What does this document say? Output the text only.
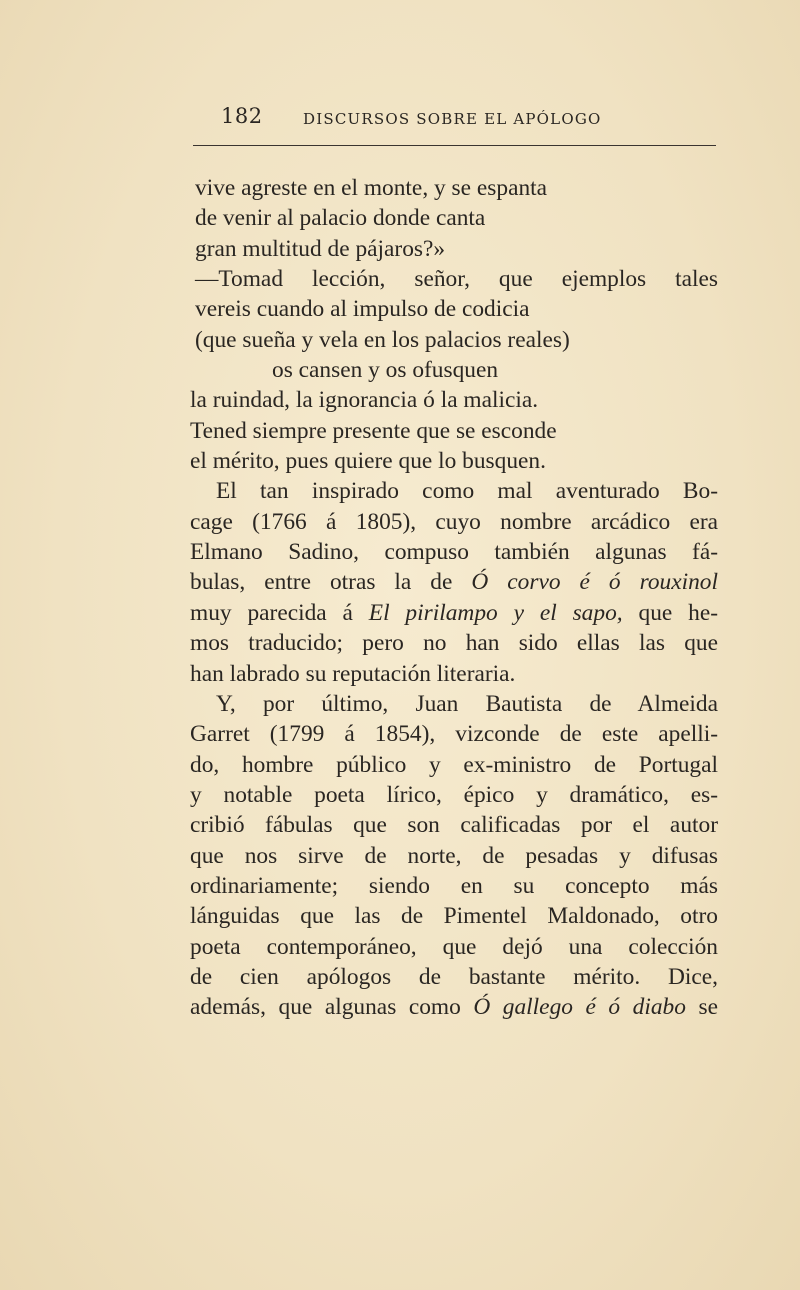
182	DISCURSOS SOBRE EL APÓLOGO
vive agreste en el monte, y se espanta
de venir al palacio donde canta
gran multitud de pájaros?»
—Tomad lección, señor, que ejemplos tales
vereis cuando al impulso de codicia
(que sueña y vela en los palacios reales)
os cansen y os ofusquen
la ruindad, la ignorancia ó la malicia.
Tened siempre presente que se esconde
el mérito, pues quiere que lo busquen.
El tan inspirado como mal aventurado Bo-
cage (1766 á 1805), cuyo nombre arcádico era
Elmano Sadino, compuso también algunas fá-
bulas, entre otras la de Ó corvo é ó rouxinol
muy parecida á El pirilampo y el sapo, que he-
mos traducido; pero no han sido ellas las que
han labrado su reputación literaria.
Y, por último, Juan Bautista de Almeida
Garret (1799 á 1854), vizconde de este apelli-
do, hombre público y ex-ministro de Portugal
y notable poeta lírico, épico y dramático, es-
cribió fábulas que son calificadas por el autor
que nos sirve de norte, de pesadas y difusas
ordinariamente; siendo en su concepto más
lánguidas que las de Pimentel Maldonado, otro
poeta contemporáneo, que dejó una colección
de cien apólogos de bastante mérito. Dice,
además, que algunas como Ó gallego é ó diabo se
